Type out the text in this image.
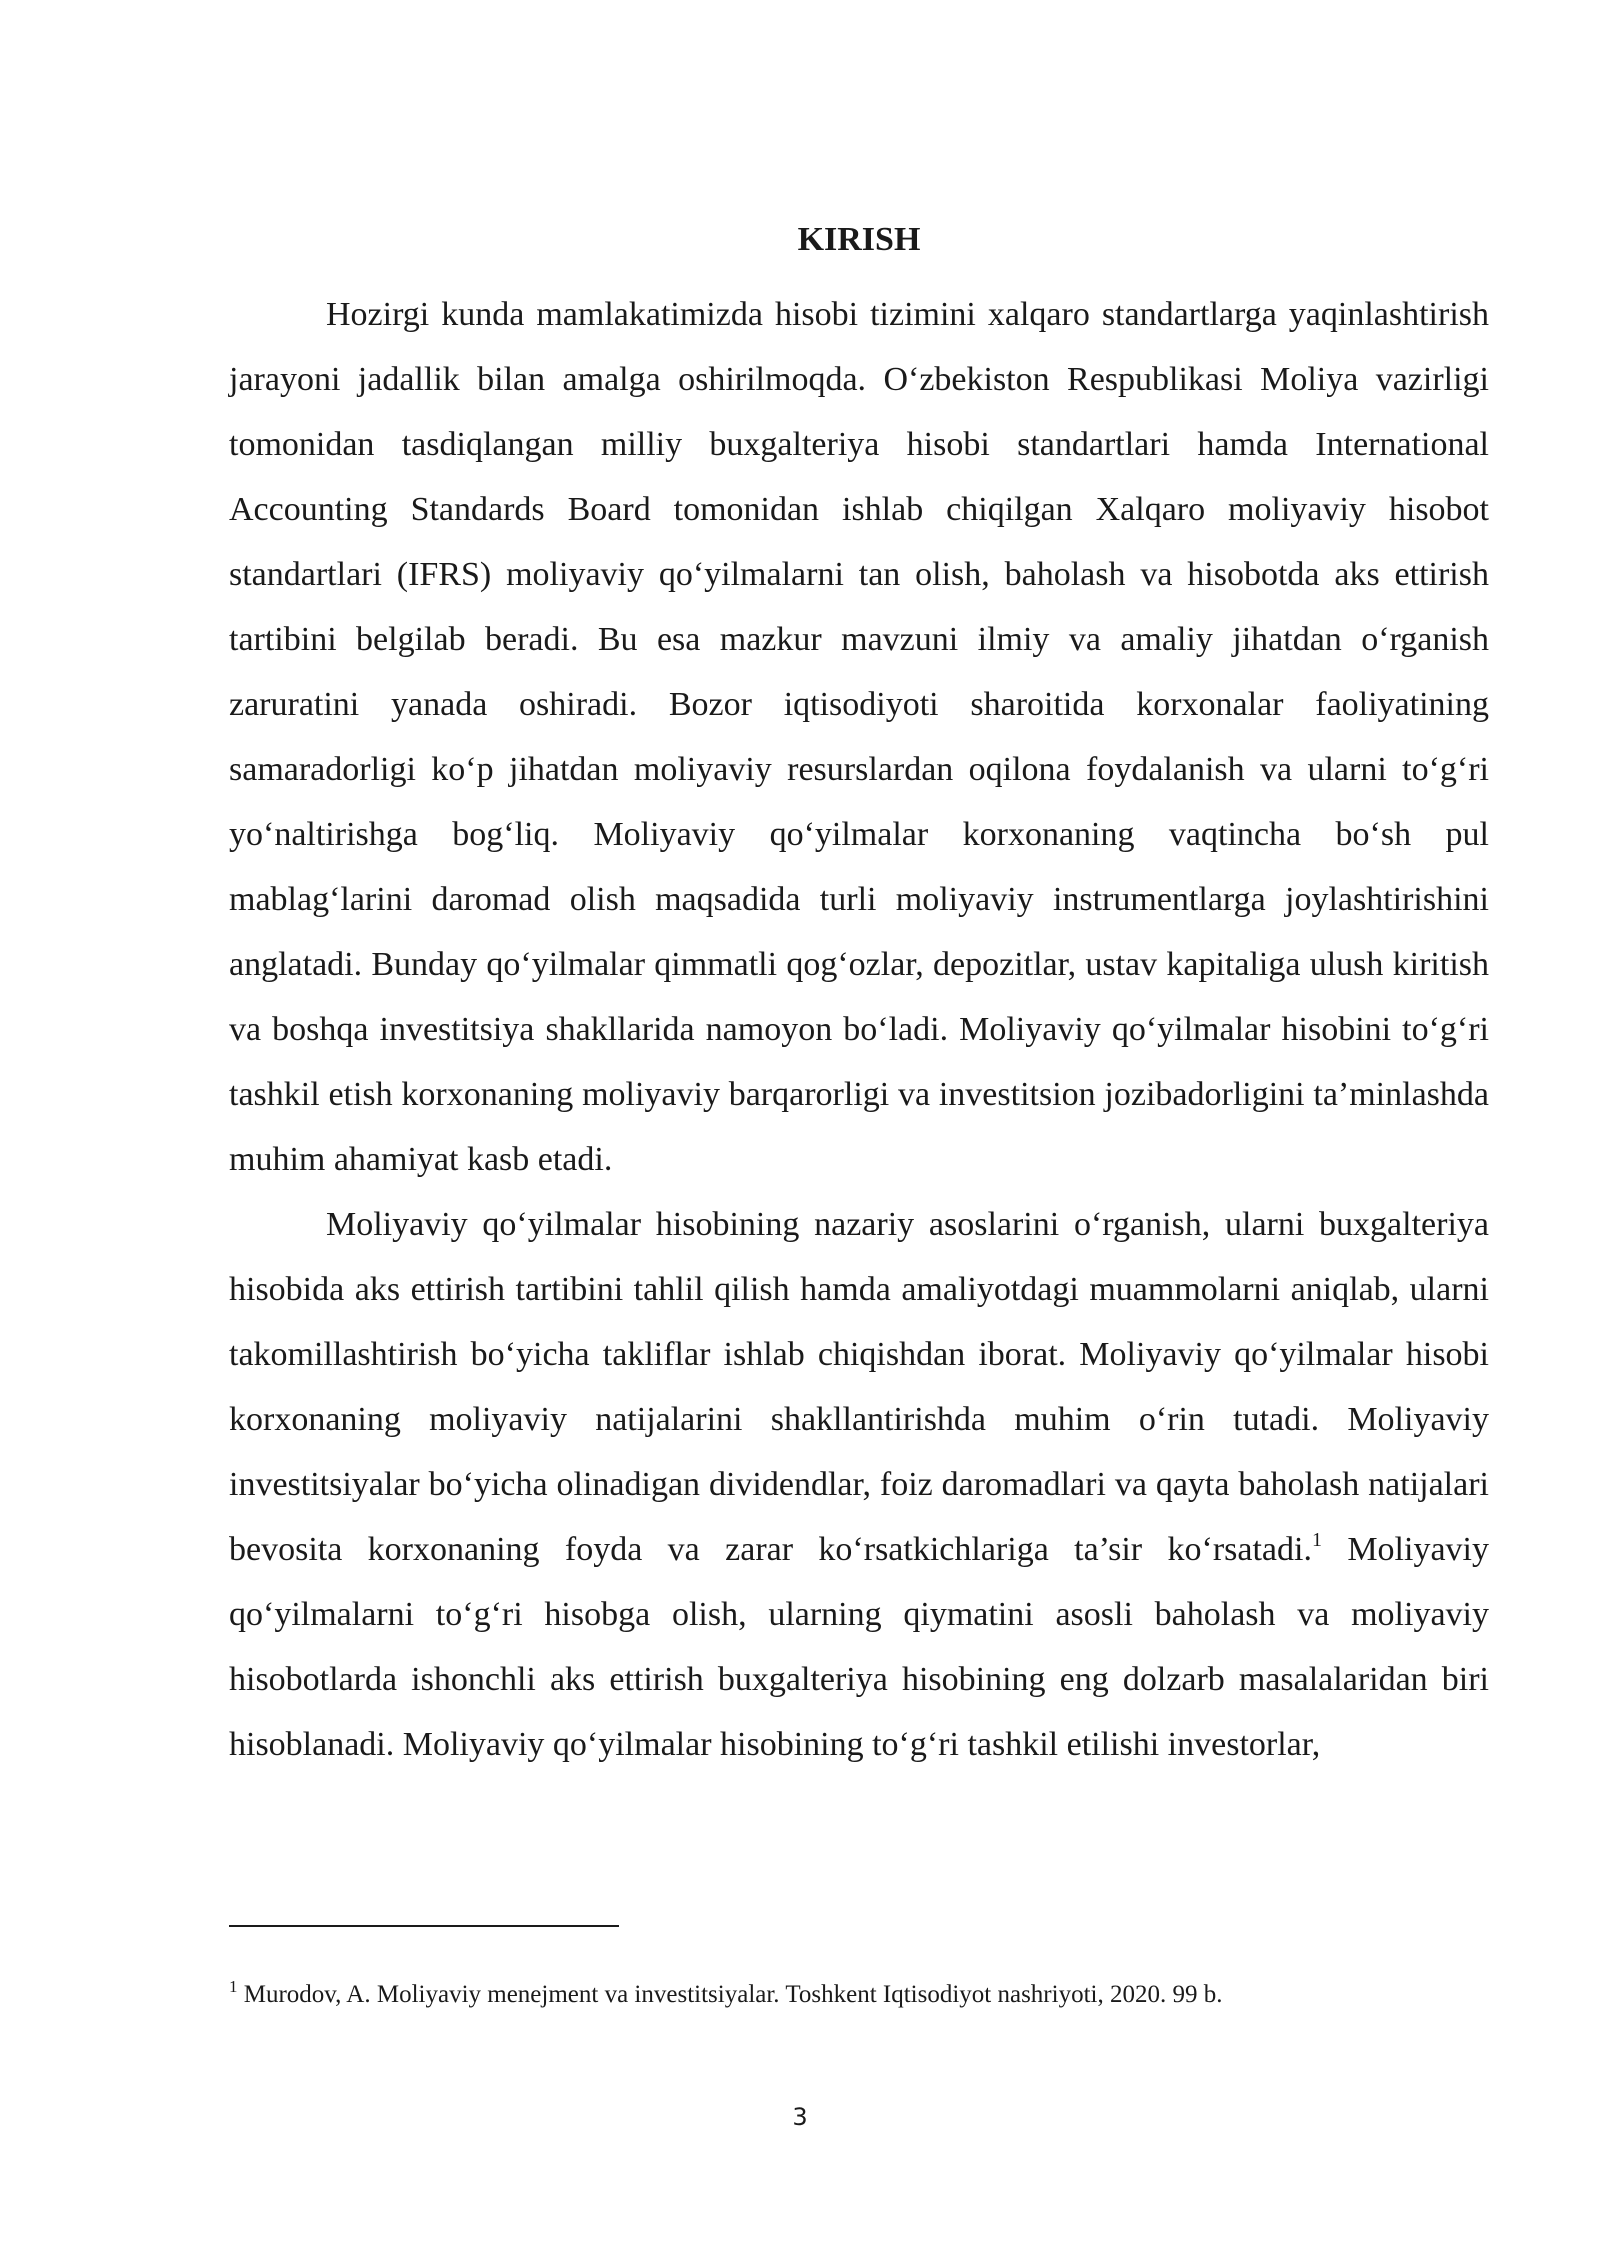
KIRISH

Hozirgi kunda mamlakatimizda hisobi tizimini xalqaro standartlarga yaqinlashtirish jarayoni jadallik bilan amalga oshirilmoqda. O‘zbekiston Respublikasi Moliya vazirligi tomonidan tasdiqlangan milliy buxgalteriya hisobi standartlari hamda International Accounting Standards Board tomonidan ishlab chiqilgan Xalqaro moliyaviy hisobot standartlari (IFRS) moliyaviy qo‘yilmalarni tan olish, baholash va hisobotda aks ettirish tartibini belgilab beradi. Bu esa mazkur mavzuni ilmiy va amaliy jihatdan o‘rganish zaruratini yanada oshiradi. Bozor iqtisodiyoti sharoitida korxonalar faoliyatining samaradorligi ko‘p jihatdan moliyaviy resurslardan oqilona foydalanish va ularni to‘g‘ri yo‘naltirishga bog‘liq. Moliyaviy qo‘yilmalar korxonaning vaqtincha bo‘sh pul mablag‘larini daromad olish maqsadida turli moliyaviy instrumentlarga joylashtirishini anglatadi. Bunday qo‘yilmalar qimmatli qog‘ozlar, depozitlar, ustav kapitaliga ulush kiritish va boshqa investitsiya shakllarida namoyon bo‘ladi. Moliyaviy qo‘yilmalar hisobini to‘g‘ri tashkil etish korxonaning moliyaviy barqarorligi va investitsion jozibadorligini ta’minlashda muhim ahamiyat kasb etadi.

Moliyaviy qo‘yilmalar hisobining nazariy asoslarini o‘rganish, ularni buxgalteriya hisobida aks ettirish tartibini tahlil qilish hamda amaliyotdagi muammolarni aniqlab, ularni takomillashtirish bo‘yicha takliflar ishlab chiqishdan iborat. Moliyaviy qo‘yilmalar hisobi korxonaning moliyaviy natijalarini shakllantirishda muhim o‘rin tutadi. Moliyaviy investitsiyalar bo‘yicha olinadigan dividendlar, foiz daromadlari va qayta baholash natijalari bevosita korxonaning foyda va zarar ko‘rsatkichlariga ta’sir ko‘rsatadi.$^1$ Moliyaviy qo‘yilmalarni to‘g‘ri hisobga olish, ularning qiymatini asosli baholash va moliyaviy hisobotlarda ishonchli aks ettirish buxgalteriya hisobining eng dolzarb masalalaridan biri hisoblanadi. Moliyaviy qo‘yilmalar hisobining to‘g‘ri tashkil etilishi investorlar,

$^1$ Murodov, A. Moliyaviy menejment va investitsiyalar. Toshkent Iqtisodiyot nashriyoti, 2020. 99 b.

3
